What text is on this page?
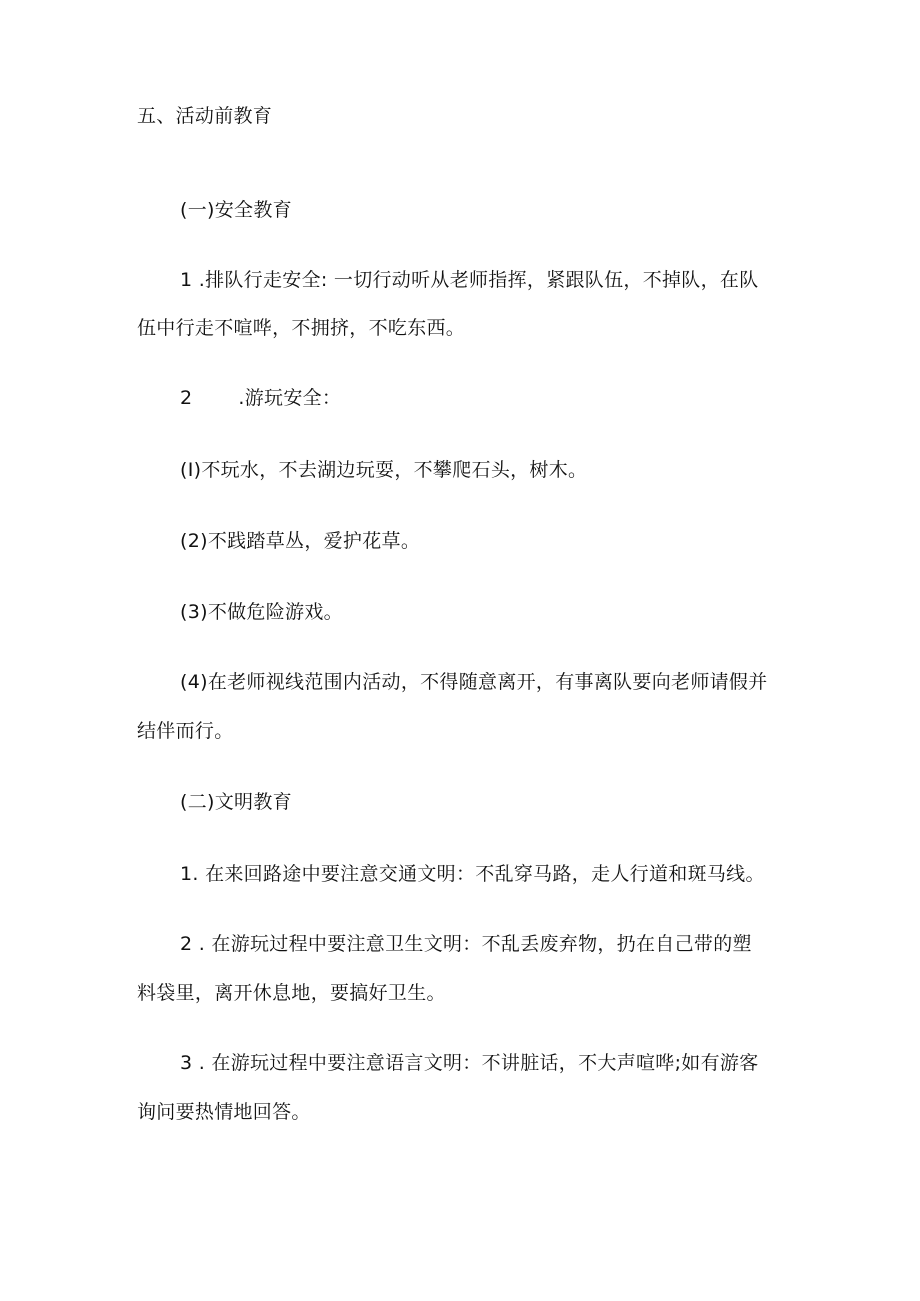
五、活动前教育
(一)安全教育
1 .排队行走安全: 一切行动听从老师指挥，紧跟队伍，不掉队，在队
伍中行走不喧哗，不拥挤，不吃东西。
2 .游玩安全：
(I)不玩水，不去湖边玩耍，不攀爬石头，树木。
(2)不践踏草丛，爱护花草。
(3)不做危险游戏。
(4)在老师视线范围内活动，不得随意离开，有事离队要向老师请假并
结伴而行。
(二)文明教育
1. 在来回路途中要注意交通文明：不乱穿马路，走人行道和斑马线。
2 . 在游玩过程中要注意卫生文明：不乱丢废弃物，扔在自己带的塑
料袋里，离开休息地，要搞好卫生。
3 . 在游玩过程中要注意语言文明：不讲脏话，不大声喧哗;如有游客
询问要热情地回答。
